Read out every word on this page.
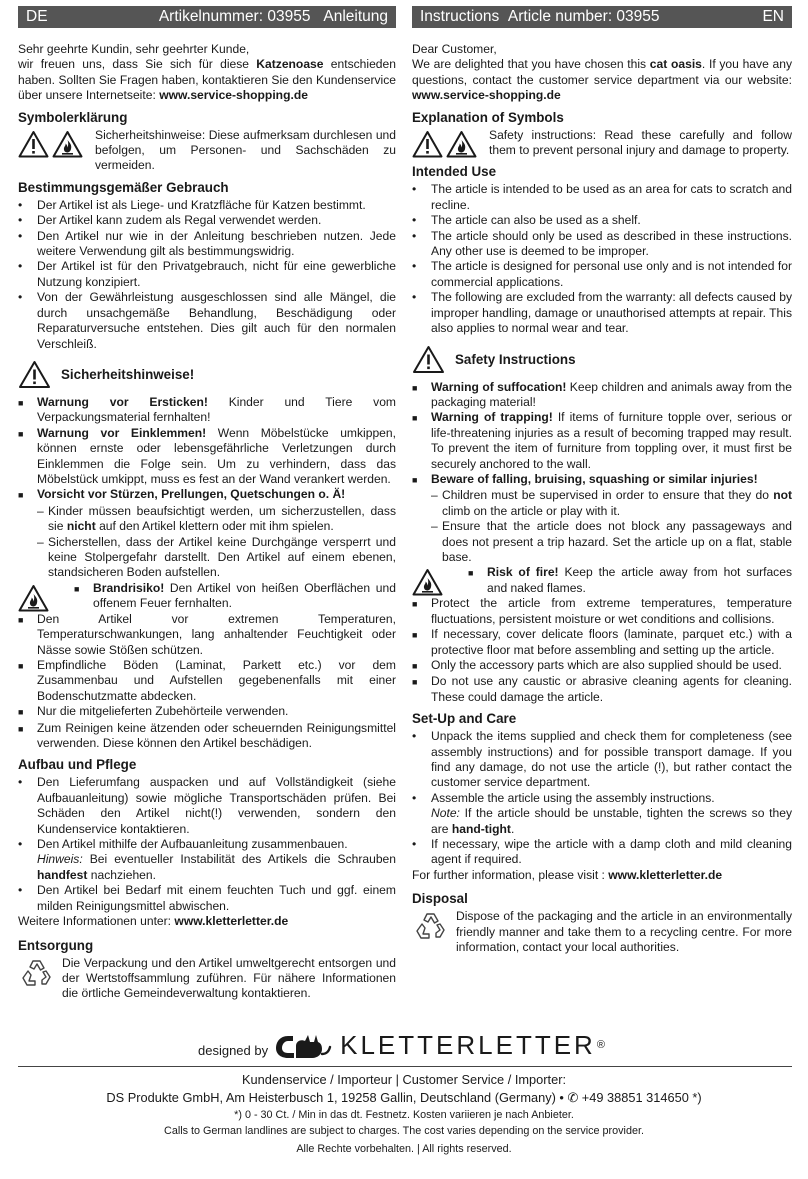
DE	Artikelnummer: 03955 Anleitung Instructions Article number: 03955	EN

Sehr geehrte Kundin, sehr geehrter Kunde,

wir freuen uns, dass Sie sich für diese Katzenoase entschieden haben. Sollten Sie Fragen haben, kontaktieren Sie den Kundenservice über unsere Internetseite: www.service-shopping.de

Symbolerklärung

Sicherheitshinweise: Diese aufmerksam durchlesen und befolgen, um Personen- und Sachschäden zu vermeiden.

Bestimmungsgemäßer Gebrauch
•	Der Artikel ist als Liege- und Kratzfläche für Katzen bestimmt.
•	Der Artikel kann zudem als Regal verwendet werden.
•	Den Artikel nur wie in der Anleitung beschrieben nutzen. Jede weitere Verwendung gilt als bestimmungswidrig.
•	Der Artikel ist für den Privatgebrauch, nicht für eine gewerbliche Nutzung konzipiert.
•	Von der Gewährleistung ausgeschlossen sind alle Mängel, die durch unsachgemäße Behandlung, Beschädigung oder Reparaturversuche entstehen. Dies gilt auch für den normalen Verschleiß.
Sicherheitshinweise!
■	Warnung vor Ersticken! Kinder und Tiere vom Verpackungsmaterial fernhalten!
■	Warnung vor Einklemmen! Wenn Möbelstücke umkippen, können ernste oder lebensgefährliche Verletzungen durch Einklemmen die Folge sein. Um zu verhindern, dass das Möbelstück umkippt, muss es fest an der Wand verankert werden.
■	Vorsicht vor Stürzen, Prellungen, Quetschungen o. Ä!
– Kinder müssen beaufsichtigt werden, um sicherzustellen, dass sie nicht auf den Artikel klettern oder mit ihm spielen.
– Sicherstellen, dass der Artikel keine Durchgänge versperrt und keine Stolpergefahr darstellt. Den Artikel auf einem ebenen, standsicheren Boden aufstellen.
■	Brandrisiko! Den Artikel von heißen Oberflächen und offenem Feuer fernhalten.
■	Den Artikel vor extremen Temperaturen, Temperaturschwankungen, lang anhaltender Feuchtigkeit oder Nässe sowie Stößen schützen.
■	Empfindliche Böden (Laminat, Parkett etc.) vor dem Zusammenbau und Aufstellen gegebenenfalls mit einer Bodenschutzmatte abdecken.
■	Nur die mitgelieferten Zubehörteile verwenden.
■	Zum Reinigen keine ätzenden oder scheuernden Reinigungsmittel verwenden. Diese können den Artikel beschädigen.
Aufbau und Pflege
•	Den Lieferumfang auspacken und auf Vollständigkeit (siehe Aufbauanleitung) sowie mögliche Transportschäden prüfen. Bei Schäden den Artikel nicht(!) verwenden, sondern den Kundenservice kontaktieren.
•	Den Artikel mithilfe der Aufbauanleitung zusammenbauen.
Hinweis: Bei eventueller Instabilität des Artikels die Schrauben handfest nachziehen.
•	Den Artikel bei Bedarf mit einem feuchten Tuch und ggf. einem milden Reinigungsmittel abwischen.

Weitere Informationen unter: www.kletterletter.de

Entsorgung

Die Verpackung und den Artikel umweltgerecht entsorgen und der Wertstoffsammlung zuführen. Für nähere Informationen die örtliche Gemeindeverwaltung kontaktieren.

Dear Customer,

We are delighted that you have chosen this cat oasis. If you have any questions, contact the customer service department via our website: www.service-shopping.de

Explanation of Symbols

Safety instructions: Read these carefully and follow them to prevent personal injury and damage to property.

Intended Use
•	The article is intended to be used as an area for cats to scratch and recline.
•	The article can also be used as a shelf.
•	The article should only be used as described in these instructions. Any other use is deemed to be improper.
•	The article is designed for personal use only and is not intended for commercial applications.
•	The following are excluded from the warranty: all defects caused by improper handling, damage or unauthorised attempts at repair. This also applies to normal wear and tear.
Safety Instructions
■	Warning of suffocation! Keep children and animals away from the packaging material!
■	Warning of trapping! If items of furniture topple over, serious or life-threatening injuries as a result of becoming trapped may result. To prevent the item of furniture from toppling over, it must first be securely anchored to the wall.
■	Beware of falling, bruising, squashing or similar injuries!
– Children must be supervised in order to ensure that they do not climb on the article or play with it.
– Ensure that the article does not block any passageways and does not present a trip hazard. Set the article up on a flat, stable base.
■	Risk of fire! Keep the article away from hot surfaces and naked flames.
■	Protect the article from extreme temperatures, temperature fluctuations, persistent moisture or wet conditions and collisions.
■	If necessary, cover delicate floors (laminate, parquet etc.) with a protective floor mat before assembling and setting up the article.
■	Only the accessory parts which are also supplied should be used.
■	Do not use any caustic or abrasive cleaning agents for cleaning. These could damage the article.
Set-Up and Care
•	Unpack the items supplied and check them for completeness (see assembly instructions) and for possible transport damage. If you find any damage, do not use the article (!), but rather contact the customer service department.
•	Assemble the article using the assembly instructions.
Note: If the article should be unstable, tighten the screws so they are hand-tight.
•	If necessary, wipe the article with a damp cloth and mild cleaning agent if required.

For further information, please visit : www.kletterletter.de

Disposal

Dispose of the packaging and the article in an environmentally friendly manner and take them to a recycling centre. For more information, contact your local authorities.

designed by	KLETTERLETTER®

Kundenservice / Importeur | Customer Service / Importer:

DS Produkte GmbH, Am Heisterbusch 1, 19258 Gallin, Deutschland (Germany) • ✆ +49 38851 314650 *)

*) 0 - 30 Ct. / Min in das dt. Festnetz. Kosten variieren je nach Anbieter.

Calls to German landlines are subject to charges. The cost varies depending on the service provider.

Alle Rechte vorbehalten. | All rights reserved.
